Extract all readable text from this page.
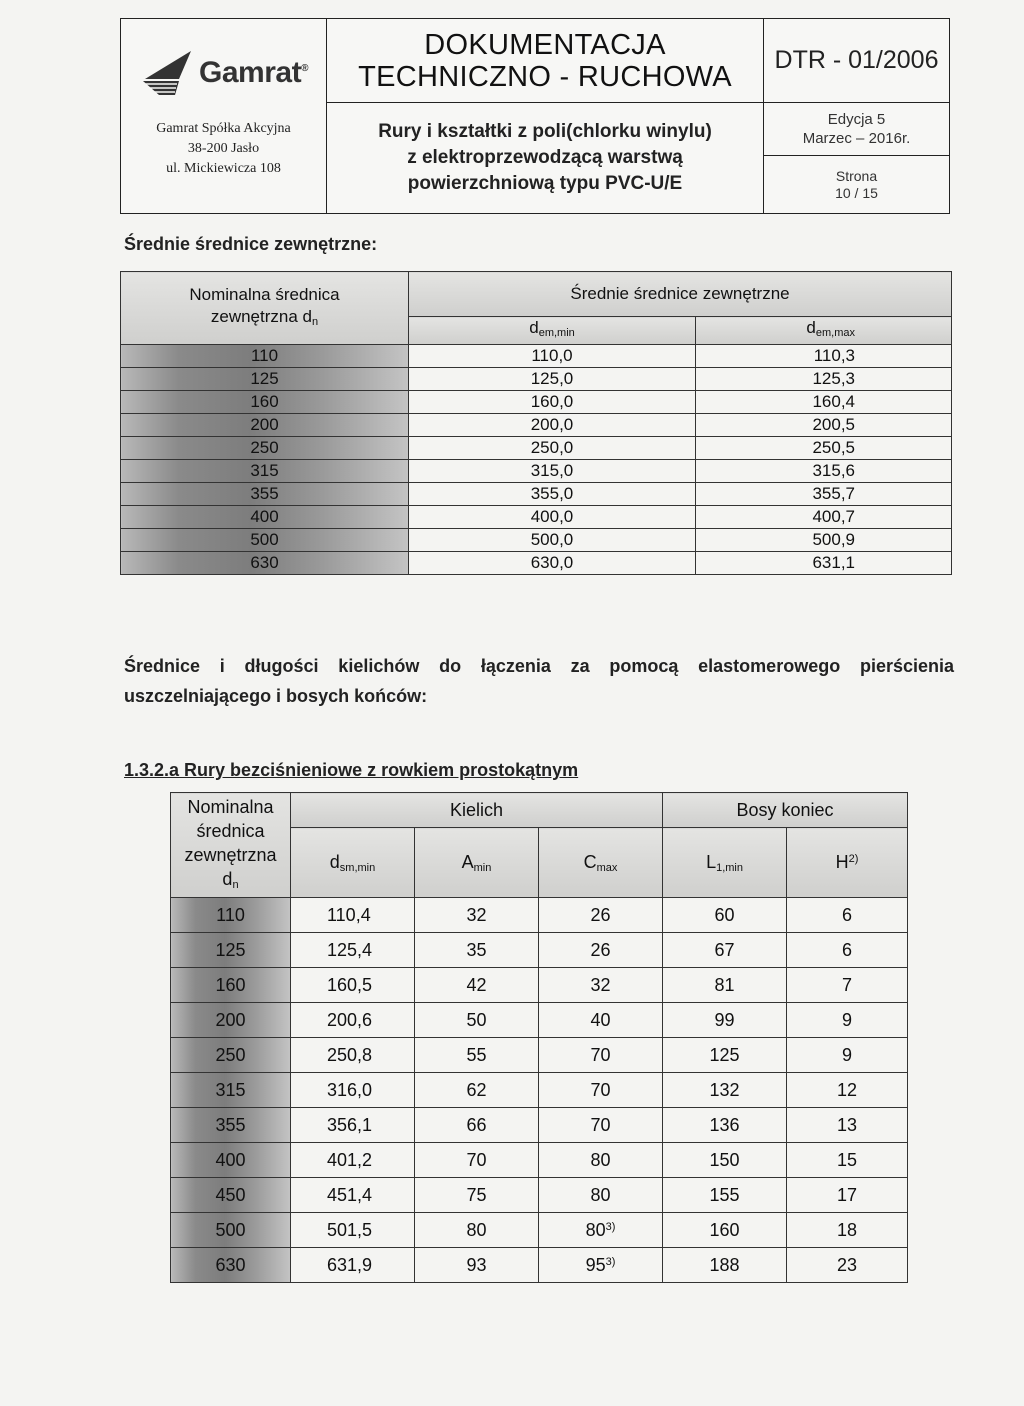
Gamrat®
Gamrat Spółka Akcyjna
38-200 Jasło
ul. Mickiewicza 108
DOKUMENTACJA
TECHNICZNO - RUCHOWA
Rury i kształtki z poli(chlorku winylu)
z elektroprzewodzącą warstwą
powierzchniową typu PVC-U/E
DTR - 01/2006
Edycja 5
Marzec – 2016r.
Strona
10 / 15
Średnie średnice zewnętrzne:
Nominalna średnica
zewnętrzna $d_n$	Średnie średnice zewnętrzne	
	$d_{em,min}$	$d_{em,max}$
110	110,0	110,3
125	125,0	125,3
160	160,0	160,4
200	200,0	200,5
250	250,0	250,5
315	315,0	315,6
355	355,0	355,7
400	400,0	400,7
500	500,0	500,9
630	630,0	631,1
Średnice i długości kielichów do łączenia za pomocą elastomerowego pierścienia uszczelniającego i bosych końców:
1.3.2.a Rury bezciśnieniowe z rowkiem prostokątnym
Nominalna
średnica
zewnętrzna
$d_n$	Kielich			Bosy koniec	
	$d_{sm,min}$	$A_{min}$	$C_{max}$	$L_{1,min}$	$H^{2)}$
110	110,4	32	26	60	6
125	125,4	35	26	67	6
160	160,5	42	32	81	7
200	200,6	50	40	99	9
250	250,8	55	70	125	9
315	316,0	62	70	132	12
355	356,1	66	70	136	13
400	401,2	70	80	150	15
450	451,4	75	80	155	17
500	501,5	80	80$^{3)}$	160	18
630	631,9	93	95$^{3)}$	188	23
